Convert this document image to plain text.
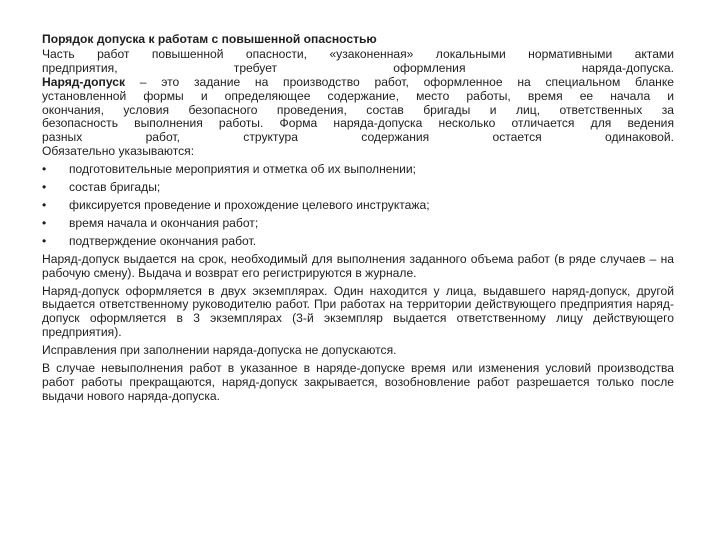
Порядок допуска к работам с повышенной опасностью

Часть работ повышенной опасности, «узаконенная» локальными нормативными актами

предприятия, требует оформления наряда-допуска.

Наряд-допуск – это задание на производство работ, оформленное на специальном бланке

установленной формы и определяющее содержание, место работы, время ее начала и

окончания, условия безопасного проведения, состав бригады и лиц, ответственных за

безопасность выполнения работы. Форма наряда-допуска несколько отличается для ведения

разных работ, структура содержания остается одинаковой.

Обязательно указываются:

•	подготовительные мероприятия и отметка об их выполнении;
•	состав бригады;
•	фиксируется проведение и прохождение целевого инструктажа;
•	время начала и окончания работ;
•	подтверждение окончания работ.

Наряд-допуск выдается на срок, необходимый для выполнения заданного объема работ (в ряде случаев – на рабочую смену). Выдача и возврат его регистрируются в журнале.

Наряд-допуск оформляется в двух экземплярах. Один находится у лица, выдавшего наряд-допуск, другой выдается ответственному руководителю работ. При работах на территории действующего предприятия наряд-допуск оформляется в 3 экземплярах (3-й экземпляр выдается ответственному лицу действующего предприятия).

Исправления при заполнении наряда-допуска не допускаются.

В случае невыполнения работ в указанное в наряде-допуске время или изменения условий производства работ работы прекращаются, наряд-допуск закрывается, возобновление работ разрешается только после выдачи нового наряда-допуска.
